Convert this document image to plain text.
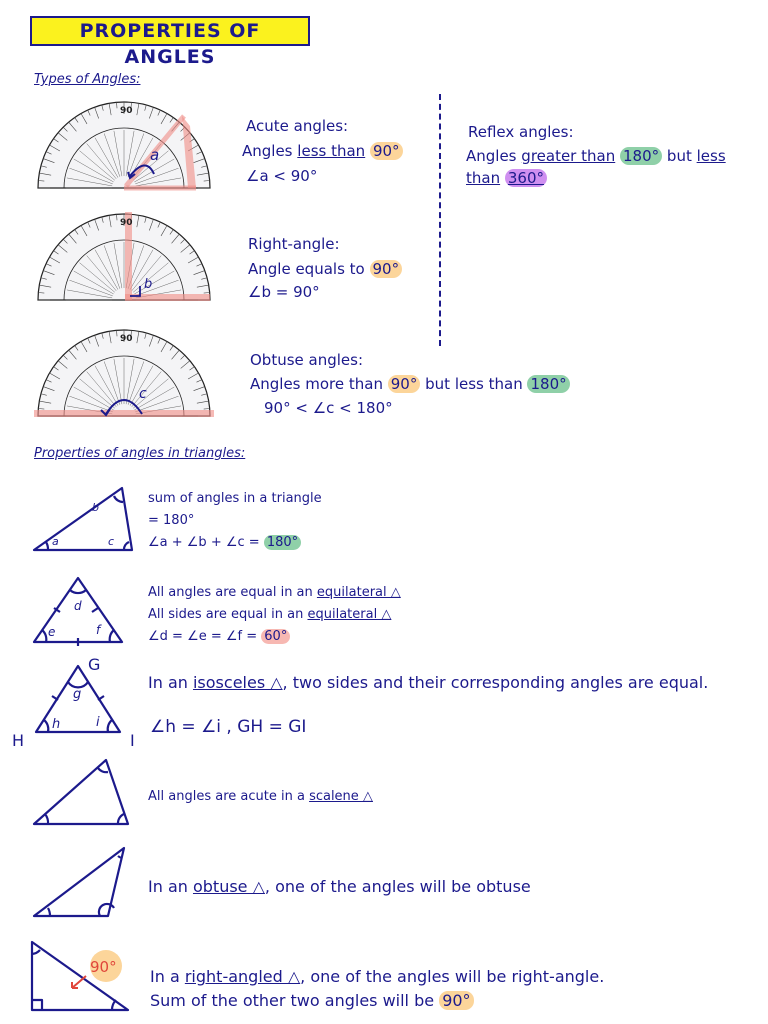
PROPERTIES OF ANGLES
Types of Angles:
a
90
b
90
c
90
Acute angles:
Angles less than 90°
∠a < 90°
Reflex angles:
Angles greater than 180° but less
than 360°
Right-angle:
Angle equals to 90°
∠b = 90°
Obtuse angles:
Angles more than 90° but less than 180°
90° < ∠c < 180°
Properties of angles in triangles:
a
b
c
sum of angles in a triangle
= 180°
∠a + ∠b + ∠c = 180°
d
e	f
All angles are equal in an equilateral △
All sides are equal in an equilateral △
∠d = ∠e = ∠f = 60°
G
g
h	i
H	I
In an isosceles △, two sides and their corresponding angles are equal.
∠h = ∠i , GH = GI
All angles are acute in a scalene △
In an obtuse △, one of the angles will be obtuse
90° In a right-angled △, one of the angles will be right-angle.
Sum of the other two angles will be 90°
